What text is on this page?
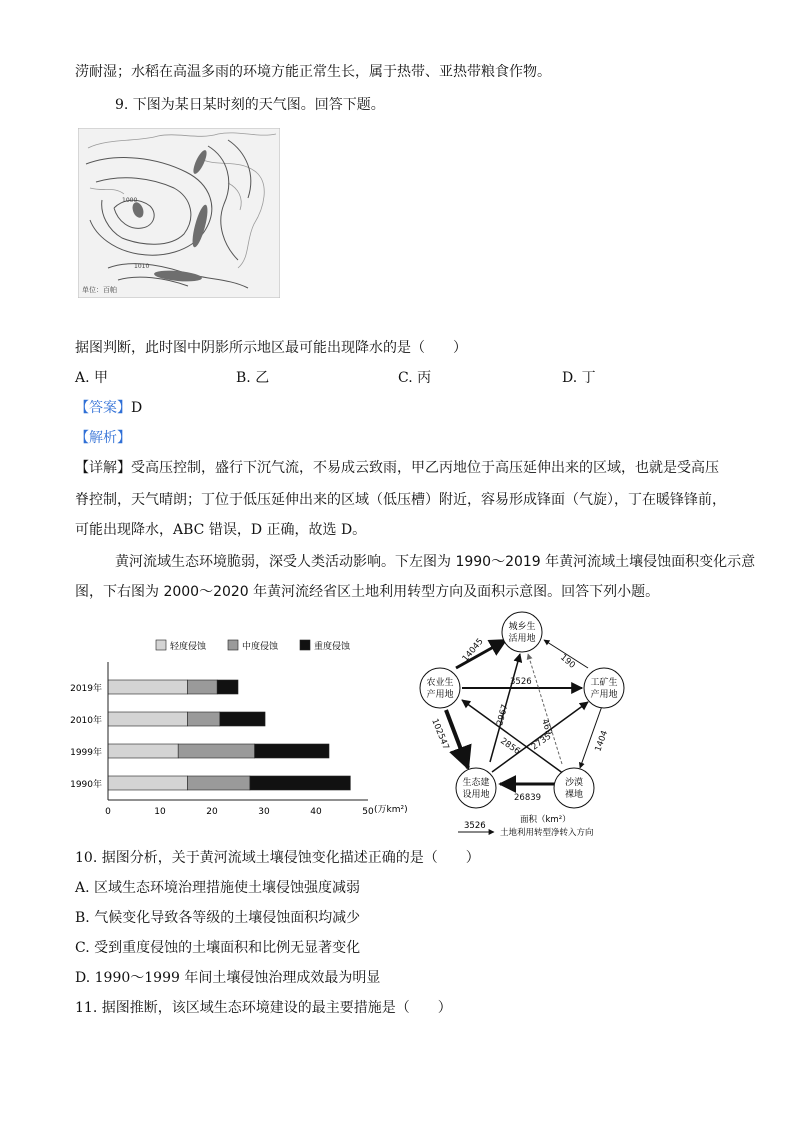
涝耐湿；水稻在高温多雨的环境方能正常生长，属于热带、亚热带粮食作物。
9. 下图为某日某时刻的天气图。回答下题。
1000
1010
单位：百帕
据图判断，此时图中阴影所示地区最可能出现降水的是（　　）
A. 甲	B. 乙	C. 丙	D. 丁
【答案】D
【解析】
【详解】受高压控制，盛行下沉气流，不易成云致雨，甲乙丙地位于高压延伸出来的区域，也就是受高压
脊控制，天气晴朗；丁位于低压延伸出来的区域（低压槽）附近，容易形成锋面（气旋），丁在暖锋锋前，
可能出现降水，ABC 错误，D 正确，故选 D。
黄河流域生态环境脆弱，深受人类活动影响。下左图为 1990～2019 年黄河流域土壤侵蚀面积变化示意
图，下右图为 2000～2020 年黄河流经省区土地利用转型方向及面积示意图。回答下列小题。
轻度侵蚀	中度侵蚀	重度侵蚀
0	10	20	30	40	50
2019年
2010年
1999年
1990年
(万km²)
城乡生
活用地
工矿生
产用地
农业生
产用地
生态建
设用地
沙漠
裸地
14045	190
3526
2967
469
1404
102547	2856 2735
26839
面积（km²）
3526
土地利用转型净转入方向
10. 据图分析，关于黄河流域土壤侵蚀变化描述正确的是（　　）
A. 区域生态环境治理措施使土壤侵蚀强度减弱
B. 气候变化导致各等级的土壤侵蚀面积均减少
C. 受到重度侵蚀的土壤面积和比例无显著变化
D. 1990～1999 年间土壤侵蚀治理成效最为明显
11. 据图推断，该区域生态环境建设的最主要措施是（　　）
